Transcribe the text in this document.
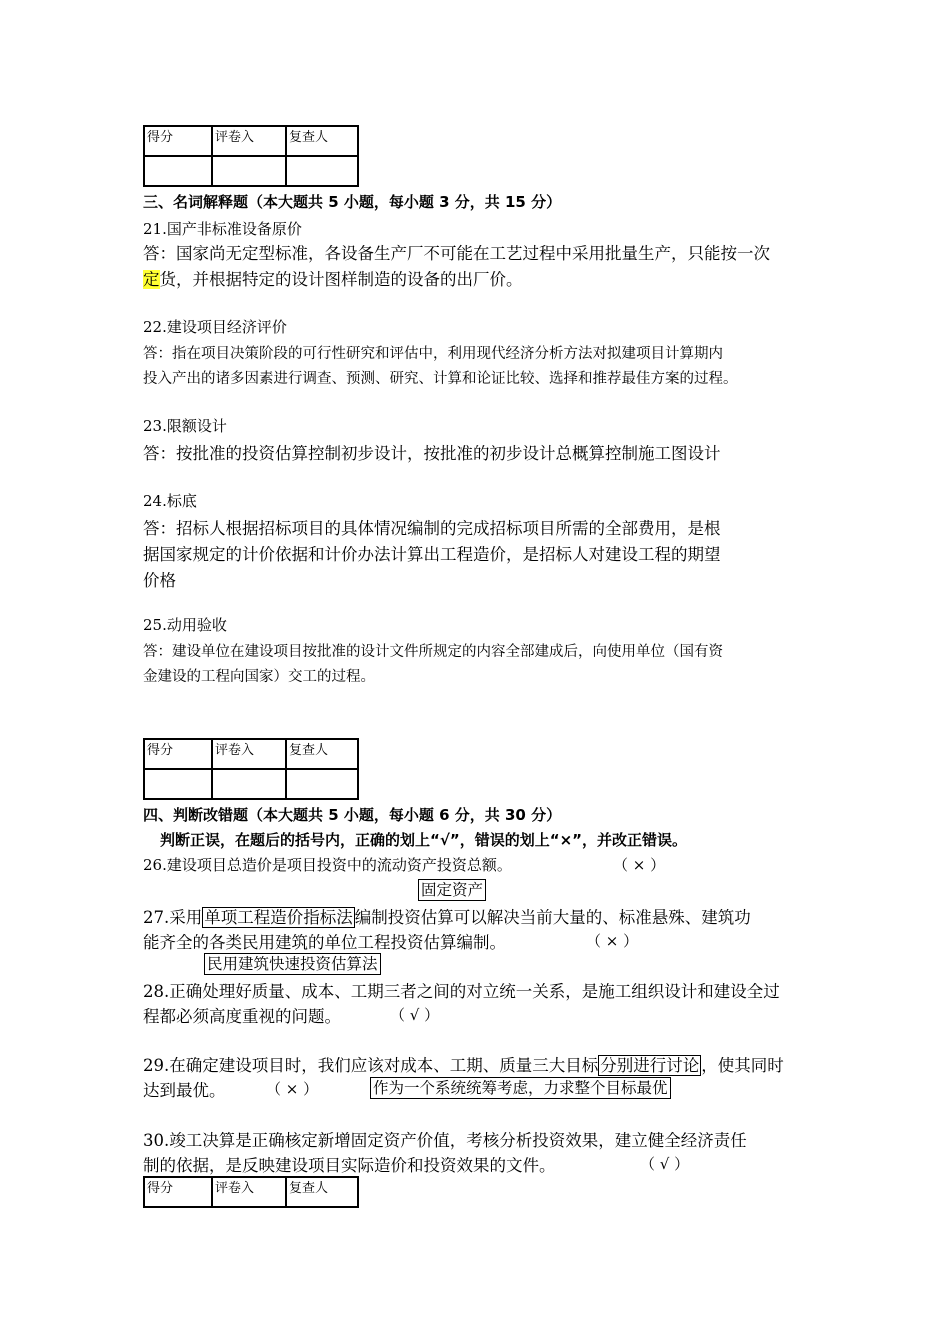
得分	评卷入	复查人

三、名词解释题（本大题共 5 小题，每小题 3 分，共 15 分）
21.国产非标准设备原价
答：国家尚无定型标准，各设备生产厂不可能在工艺过程中采用批量生产，只能按一次
定货，并根据特定的设计图样制造的设备的出厂价。
22.建设项目经济评价
答：指在项目决策阶段的可行性研究和评估中，利用现代经济分析方法对拟建项目计算期内
投入产出的诸多因素进行调查、预测、研究、计算和论证比较、选择和推荐最佳方案的过程。
23.限额设计
答：按批准的投资估算控制初步设计，按批准的初步设计总概算控制施工图设计
24.标底
答：招标人根据招标项目的具体情况编制的完成招标项目所需的全部费用，是根
据国家规定的计价依据和计价办法计算出工程造价，是招标人对建设工程的期望
价格
25.动用验收
答：建设单位在建设项目按批准的设计文件所规定的内容全部建成后，向使用单位（国有资
金建设的工程向国家）交工的过程。
得分	评卷入	复查人

四、判断改错题（本大题共 5 小题，每小题 6 分，共 30 分）
判断正误，在题后的括号内，正确的划上“√”，错误的划上“×”，并改正错误。
26.建设项目总造价是项目投资中的流动资产投资总额。	（ × ）
固定资产
27.采用 单项工程造价指标法 编制投资估算可以解决当前大量的、标准悬殊、建筑功
能齐全的各类民用建筑的单位工程投资估算编制。	（ × ）
民用建筑快速投资估算法
28.正确处理好质量、成本、工期三者之间的对立统一关系，是施工组织设计和建设全过
程都必须高度重视的问题。	（ √ ）
29.在确定建设项目时，我们应该对成本、工期、质量三大目标 分别进行讨论 ，使其同时
达到最优。	（ × ）	作为一个系统统筹考虑，力求整个目标最优
30.竣工决算是正确核定新增固定资产价值，考核分析投资效果，建立健全经济责任
制的依据，是反映建设项目实际造价和投资效果的文件。	（ √ ）
得分	评卷入	复查人
